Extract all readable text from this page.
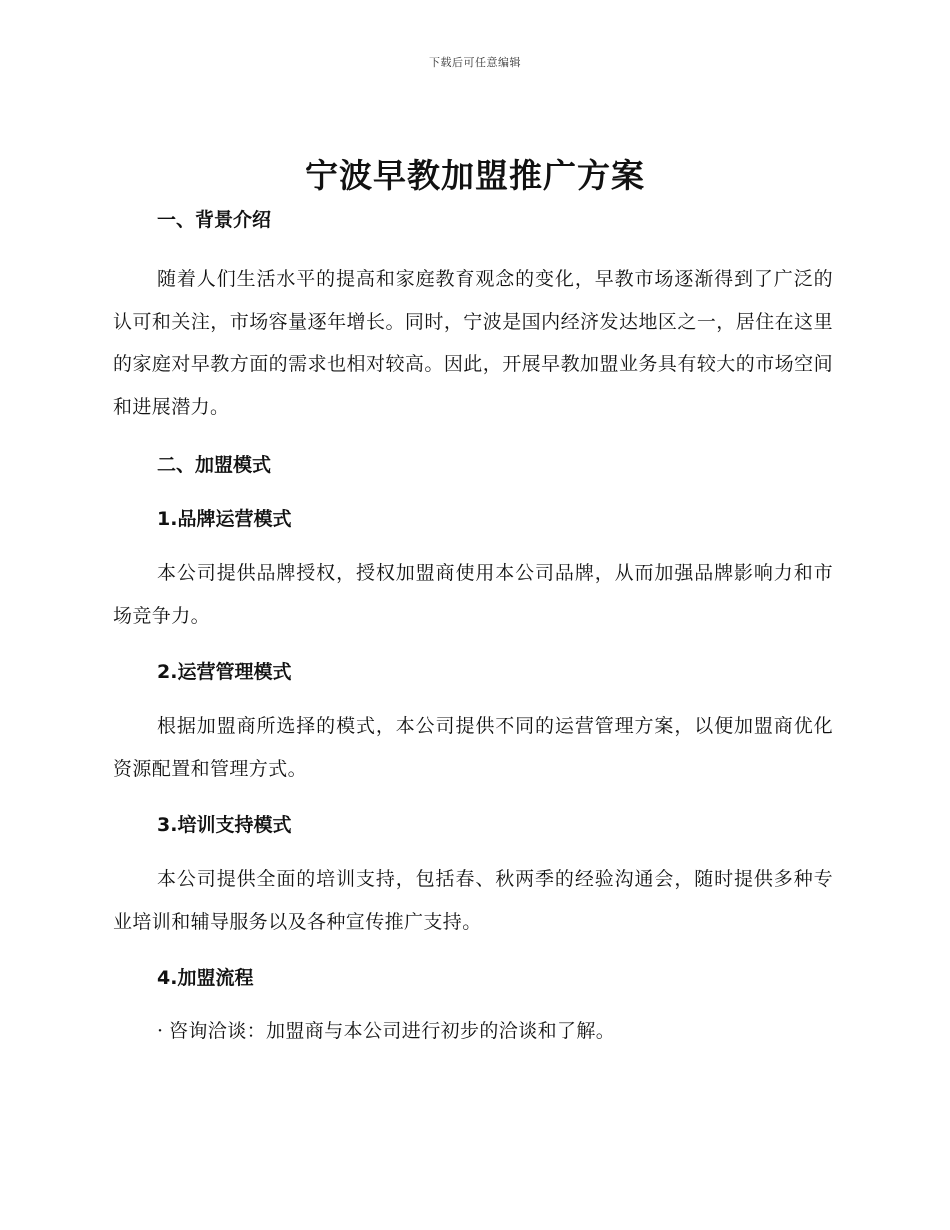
下载后可任意编辑
宁波早教加盟推广方案
一、背景介绍

随着人们生活水平的提高和家庭教育观念的变化，早教市场逐渐得到了广泛的认可和关注，市场容量逐年增长。同时，宁波是国内经济发达地区之一，居住在这里的家庭对早教方面的需求也相对较高。因此，开展早教加盟业务具有较大的市场空间和进展潜力。

二、加盟模式
1.品牌运营模式

本公司提供品牌授权，授权加盟商使用本公司品牌，从而加强品牌影响力和市场竞争力。

2.运营管理模式

根据加盟商所选择的模式，本公司提供不同的运营管理方案，以便加盟商优化资源配置和管理方式。

3.培训支持模式

本公司提供全面的培训支持，包括春、秋两季的经验沟通会，随时提供多种专业培训和辅导服务以及各种宣传推广支持。

4.加盟流程
· 咨询洽谈：加盟商与本公司进行初步的洽谈和了解。
